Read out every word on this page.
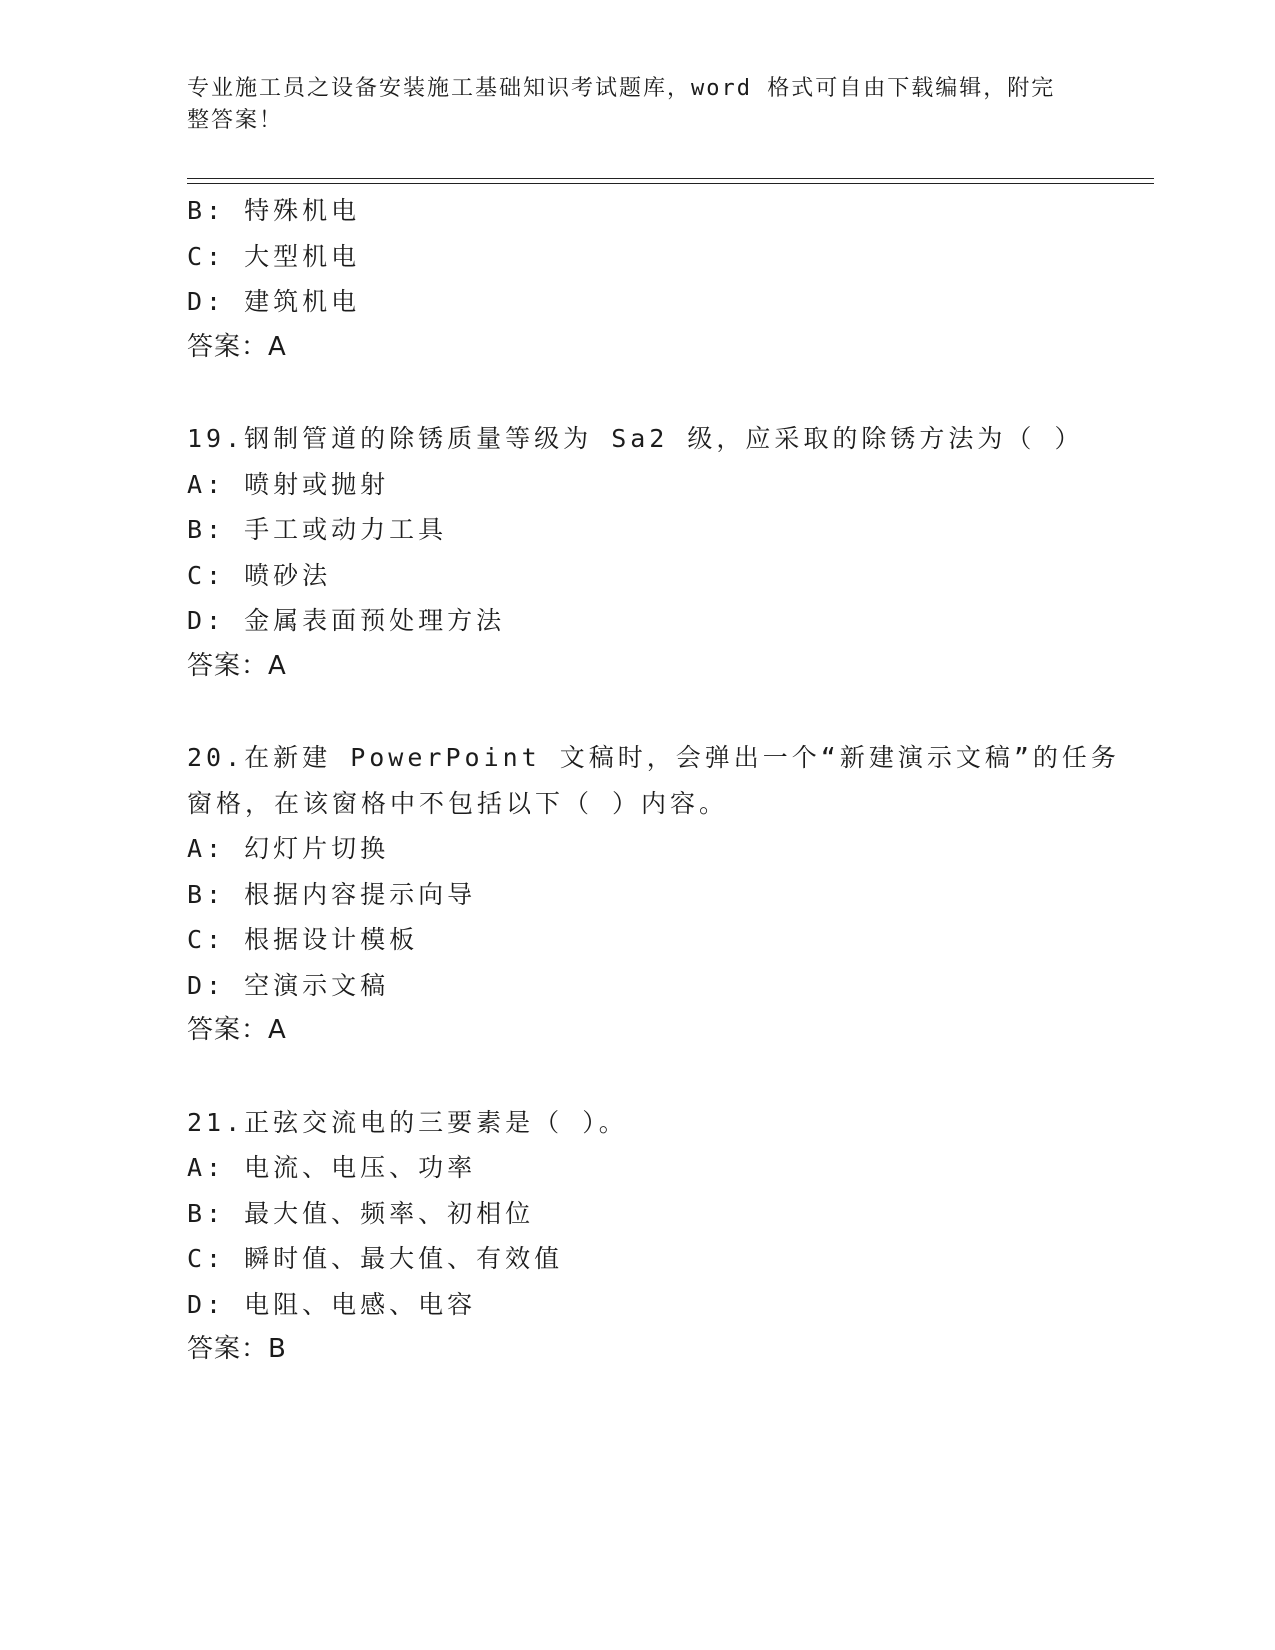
专业施工员之设备安装施工基础知识考试题库，word 格式可自由下载编辑，附完
整答案！
B: 特殊机电
C: 大型机电
D: 建筑机电
答案：A
19.钢制管道的除锈质量等级为 Sa2 级，应采取的除锈方法为（ ）
A: 喷射或抛射
B: 手工或动力工具
C: 喷砂法
D: 金属表面预处理方法
答案：A
20.在新建 PowerPoint 文稿时，会弹出一个“新建演示文稿”的任务
窗格，在该窗格中不包括以下（ ）内容。
A: 幻灯片切换
B: 根据内容提示向导
C: 根据设计模板
D: 空演示文稿
答案：A
21.正弦交流电的三要素是（ ）。
A: 电流、电压、功率
B: 最大值、频率、初相位
C: 瞬时值、最大值、有效值
D: 电阻、电感、电容
答案：B
